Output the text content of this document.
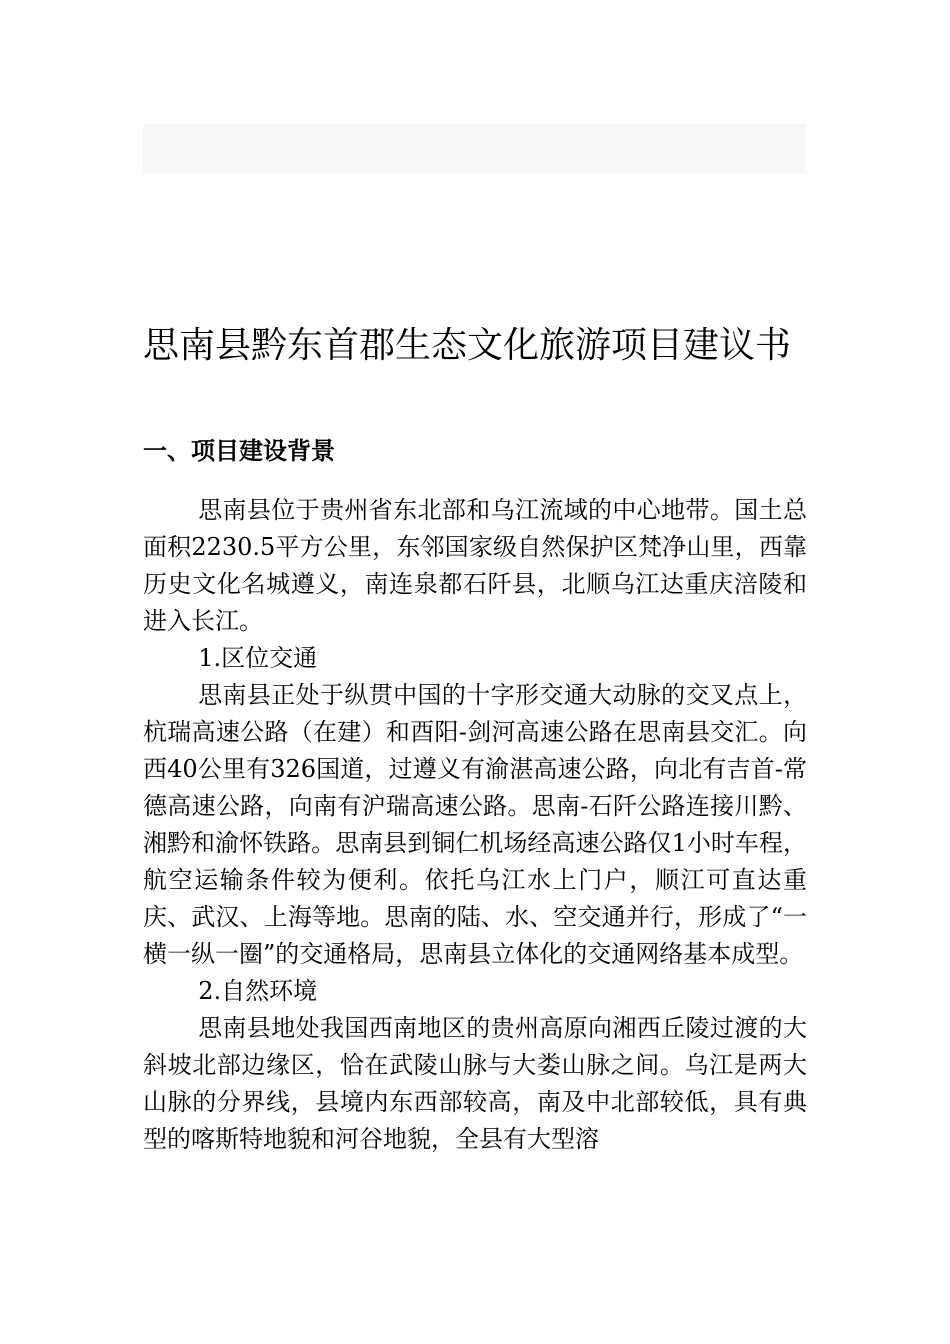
思南县黔东首郡生态文化旅游项目建议书
一、项目建设背景

思南县位于贵州省东北部和乌江流域的中心地带。国土总面积2230.5平方公里，东邻国家级自然保护区梵净山里，西靠历史文化名城遵义，南连泉都石阡县，北顺乌江达重庆涪陵和进入长江。

1.区位交通

思南县正处于纵贯中国的十字形交通大动脉的交叉点上，杭瑞高速公路（在建）和酉阳-剑河高速公路在思南县交汇。向西40公里有326国道，过遵义有渝湛高速公路，向北有吉首-常德高速公路，向南有沪瑞高速公路。思南-石阡公路连接川黔、湘黔和渝怀铁路。思南县到铜仁机场经高速公路仅1小时车程，航空运输条件较为便利。依托乌江水上门户，顺江可直达重庆、武汉、上海等地。思南的陆、水、空交通并行，形成了“一横一纵一圈”的交通格局，思南县立体化的交通网络基本成型。

2.自然环境

思南县地处我国西南地区的贵州高原向湘西丘陵过渡的大斜坡北部边缘区，恰在武陵山脉与大娄山脉之间。乌江是两大山脉的分界线，县境内东西部较高，南及中北部较低，具有典型的喀斯特地貌和河谷地貌，全县有大型溶
